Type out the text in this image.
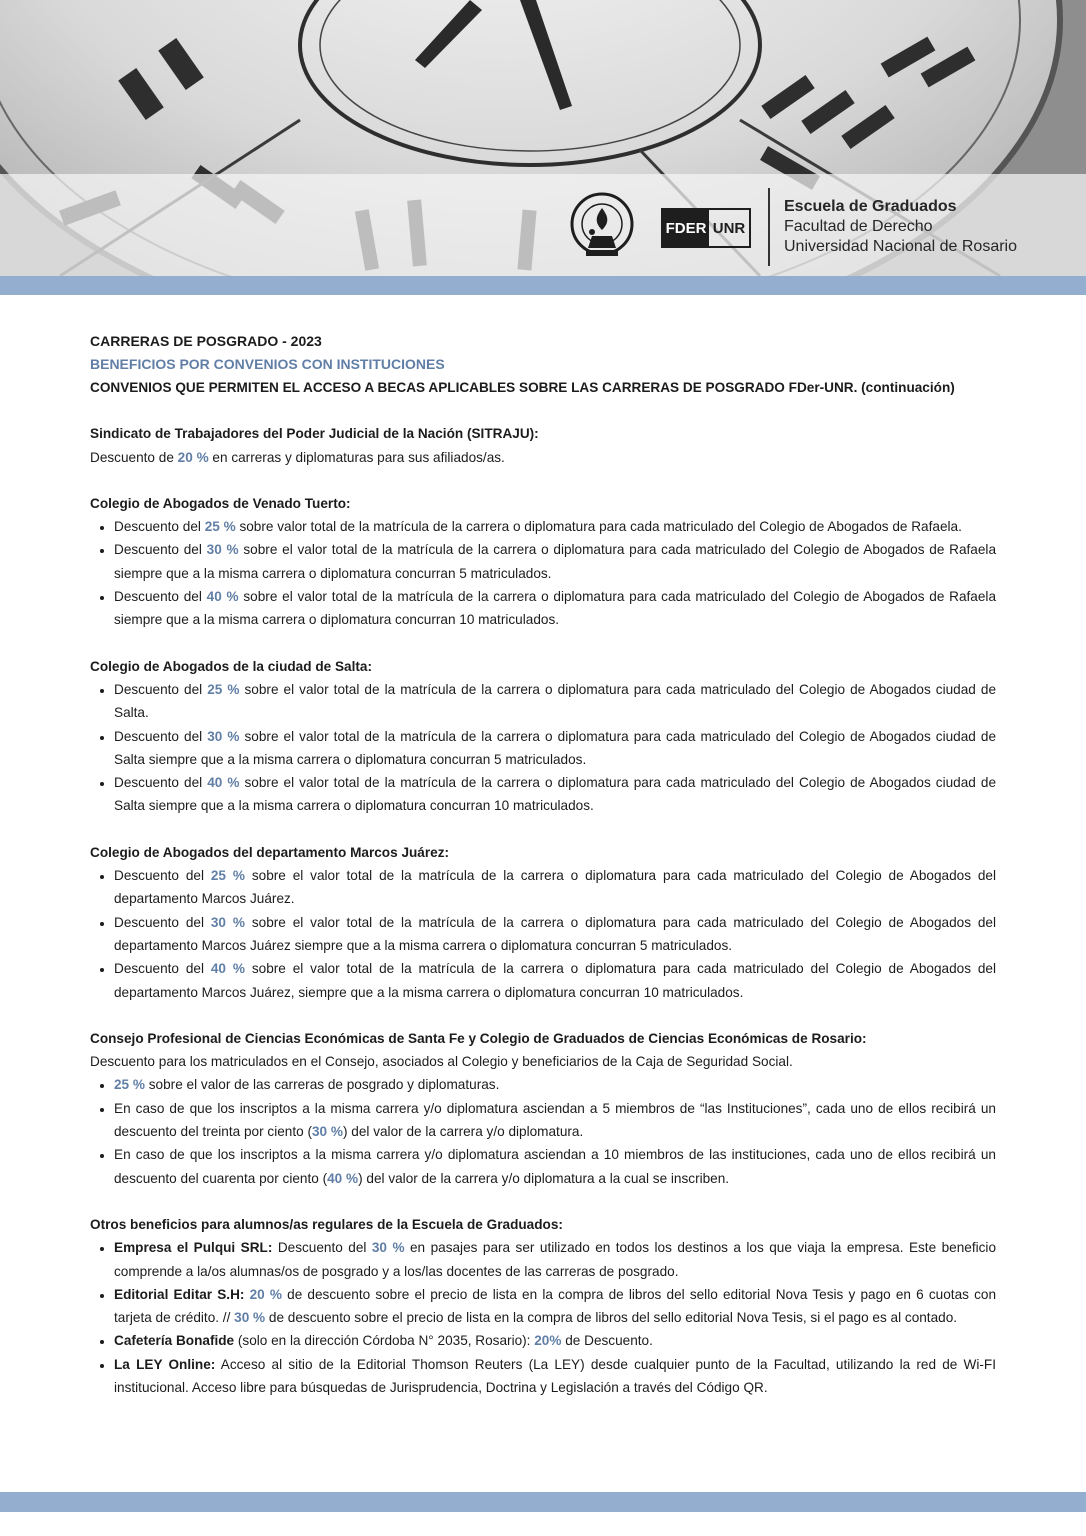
FDER UNR
Escuela de Graduados
Facultad de Derecho
Universidad Nacional de Rosario

CARRERAS DE POSGRADO - 2023

BENEFICIOS POR CONVENIOS CON INSTITUCIONES

CONVENIOS QUE PERMITEN EL ACCESO A BECAS APLICABLES SOBRE LAS CARRERAS DE POSGRADO FDer-UNR. (continuación)

Sindicato de Trabajadores del Poder Judicial de la Nación (SITRAJU):

Descuento de 20 % en carreras y diplomaturas para sus afiliados/as.

Colegio de Abogados de Venado Tuerto:

• Descuento del 25 % sobre valor total de la matrícula de la carrera o diplomatura para cada matriculado del Colegio de Abogados de Rafaela.
• Descuento del 30 % sobre el valor total de la matrícula de la carrera o diplomatura para cada matriculado del Colegio de Abogados de Rafaela siempre que a la misma carrera o diplomatura concurran 5 matriculados.
• Descuento del 40 % sobre el valor total de la matrícula de la carrera o diplomatura para cada matriculado del Colegio de Abogados de Rafaela siempre que a la misma carrera o diplomatura concurran 10 matriculados.

Colegio de Abogados de la ciudad de Salta:

• Descuento del 25 % sobre el valor total de la matrícula de la carrera o diplomatura para cada matriculado del Colegio de Abogados ciudad de Salta.
• Descuento del 30 % sobre el valor total de la matrícula de la carrera o diplomatura para cada matriculado del Colegio de Abogados ciudad de Salta siempre que a la misma carrera o diplomatura concurran 5 matriculados.
• Descuento del 40 % sobre el valor total de la matrícula de la carrera o diplomatura para cada matriculado del Colegio de Abogados ciudad de Salta siempre que a la misma carrera o diplomatura concurran 10 matriculados.

Colegio de Abogados del departamento Marcos Juárez:

• Descuento del 25 % sobre el valor total de la matrícula de la carrera o diplomatura para cada matriculado del Colegio de Abogados del departamento Marcos Juárez.
• Descuento del 30 % sobre el valor total de la matrícula de la carrera o diplomatura para cada matriculado del Colegio de Abogados del departamento Marcos Juárez siempre que a la misma carrera o diplomatura concurran 5 matriculados.
• Descuento del 40 % sobre el valor total de la matrícula de la carrera o diplomatura para cada matriculado del Colegio de Abogados del departamento Marcos Juárez, siempre que a la misma carrera o diplomatura concurran 10 matriculados.

Consejo Profesional de Ciencias Económicas de Santa Fe y Colegio de Graduados de Ciencias Económicas de Rosario:

Descuento para los matriculados en el Consejo, asociados al Colegio y beneficiarios de la Caja de Seguridad Social.

• 25 % sobre el valor de las carreras de posgrado y diplomaturas.
• En caso de que los inscriptos a la misma carrera y/o diplomatura asciendan a 5 miembros de “las Instituciones”, cada uno de ellos recibirá un descuento del treinta por ciento (30 %) del valor de la carrera y/o diplomatura.
• En caso de que los inscriptos a la misma carrera y/o diplomatura asciendan a 10 miembros de las instituciones, cada uno de ellos recibirá un descuento del cuarenta por ciento (40 %) del valor de la carrera y/o diplomatura a la cual se inscriben.

Otros beneficios para alumnos/as regulares de la Escuela de Graduados:

• Empresa el Pulqui SRL: Descuento del 30 % en pasajes para ser utilizado en todos los destinos a los que viaja la empresa. Este beneficio comprende a la/os alumnas/os de posgrado y a los/las docentes de las carreras de posgrado.
• Editorial Editar S.H: 20 % de descuento sobre el precio de lista en la compra de libros del sello editorial Nova Tesis y pago en 6 cuotas con tarjeta de crédito. // 30 % de descuento sobre el precio de lista en la compra de libros del sello editorial Nova Tesis, si el pago es al contado.
• Cafetería Bonafide (solo en la dirección Córdoba N° 2035, Rosario): 20% de Descuento.
• La LEY Online: Acceso al sitio de la Editorial Thomson Reuters (La LEY) desde cualquier punto de la Facultad, utilizando la red de Wi-FI institucional. Acceso libre para búsquedas de Jurisprudencia, Doctrina y Legislación a través del Código QR.
